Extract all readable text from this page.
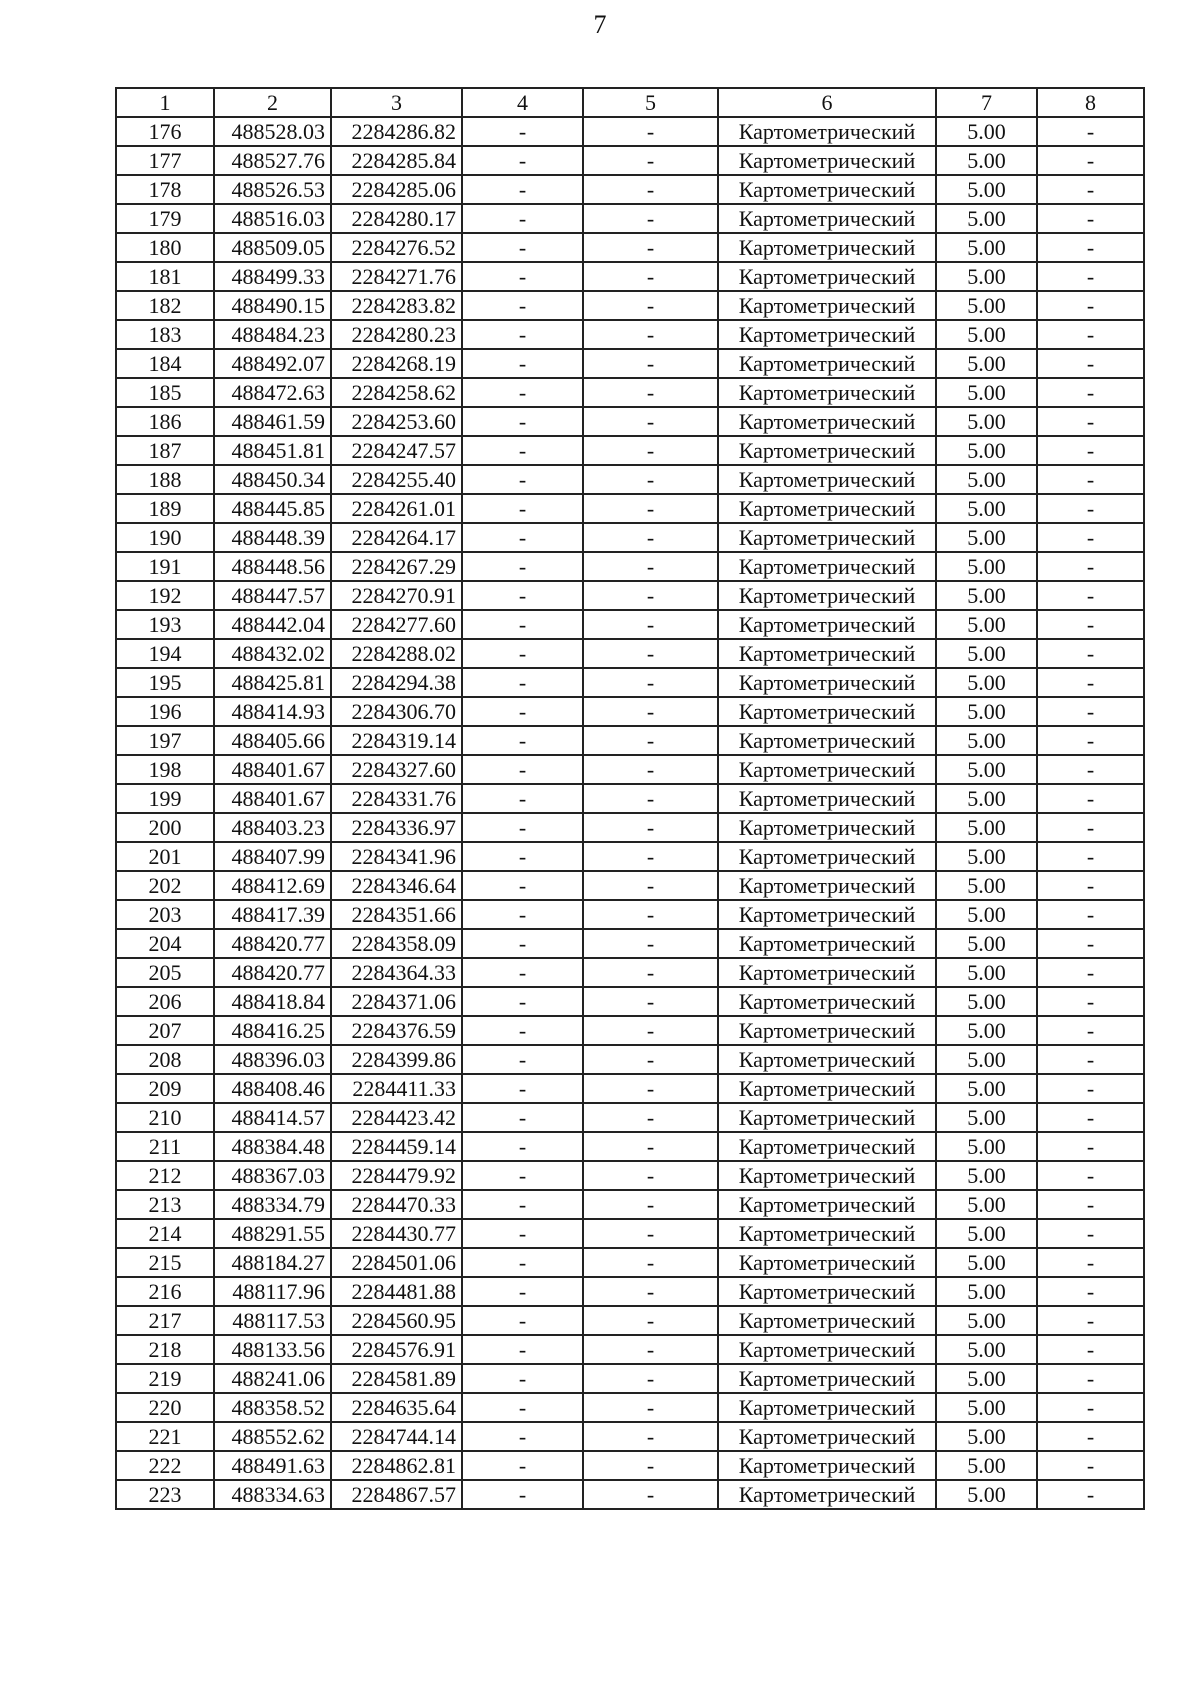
7
1	2	3	4	5	6	7	8
176	488528.03	2284286.82	-	-	Картометрический	5.00	-
177	488527.76	2284285.84	-	-	Картометрический	5.00	-
178	488526.53	2284285.06	-	-	Картометрический	5.00	-
179	488516.03	2284280.17	-	-	Картометрический	5.00	-
180	488509.05	2284276.52	-	-	Картометрический	5.00	-
181	488499.33	2284271.76	-	-	Картометрический	5.00	-
182	488490.15	2284283.82	-	-	Картометрический	5.00	-
183	488484.23	2284280.23	-	-	Картометрический	5.00	-
184	488492.07	2284268.19	-	-	Картометрический	5.00	-
185	488472.63	2284258.62	-	-	Картометрический	5.00	-
186	488461.59	2284253.60	-	-	Картометрический	5.00	-
187	488451.81	2284247.57	-	-	Картометрический	5.00	-
188	488450.34	2284255.40	-	-	Картометрический	5.00	-
189	488445.85	2284261.01	-	-	Картометрический	5.00	-
190	488448.39	2284264.17	-	-	Картометрический	5.00	-
191	488448.56	2284267.29	-	-	Картометрический	5.00	-
192	488447.57	2284270.91	-	-	Картометрический	5.00	-
193	488442.04	2284277.60	-	-	Картометрический	5.00	-
194	488432.02	2284288.02	-	-	Картометрический	5.00	-
195	488425.81	2284294.38	-	-	Картометрический	5.00	-
196	488414.93	2284306.70	-	-	Картометрический	5.00	-
197	488405.66	2284319.14	-	-	Картометрический	5.00	-
198	488401.67	2284327.60	-	-	Картометрический	5.00	-
199	488401.67	2284331.76	-	-	Картометрический	5.00	-
200	488403.23	2284336.97	-	-	Картометрический	5.00	-
201	488407.99	2284341.96	-	-	Картометрический	5.00	-
202	488412.69	2284346.64	-	-	Картометрический	5.00	-
203	488417.39	2284351.66	-	-	Картометрический	5.00	-
204	488420.77	2284358.09	-	-	Картометрический	5.00	-
205	488420.77	2284364.33	-	-	Картометрический	5.00	-
206	488418.84	2284371.06	-	-	Картометрический	5.00	-
207	488416.25	2284376.59	-	-	Картометрический	5.00	-
208	488396.03	2284399.86	-	-	Картометрический	5.00	-
209	488408.46	2284411.33	-	-	Картометрический	5.00	-
210	488414.57	2284423.42	-	-	Картометрический	5.00	-
211	488384.48	2284459.14	-	-	Картометрический	5.00	-
212	488367.03	2284479.92	-	-	Картометрический	5.00	-
213	488334.79	2284470.33	-	-	Картометрический	5.00	-
214	488291.55	2284430.77	-	-	Картометрический	5.00	-
215	488184.27	2284501.06	-	-	Картометрический	5.00	-
216	488117.96	2284481.88	-	-	Картометрический	5.00	-
217	488117.53	2284560.95	-	-	Картометрический	5.00	-
218	488133.56	2284576.91	-	-	Картометрический	5.00	-
219	488241.06	2284581.89	-	-	Картометрический	5.00	-
220	488358.52	2284635.64	-	-	Картометрический	5.00	-
221	488552.62	2284744.14	-	-	Картометрический	5.00	-
222	488491.63	2284862.81	-	-	Картометрический	5.00	-
223	488334.63	2284867.57	-	-	Картометрический	5.00	-
